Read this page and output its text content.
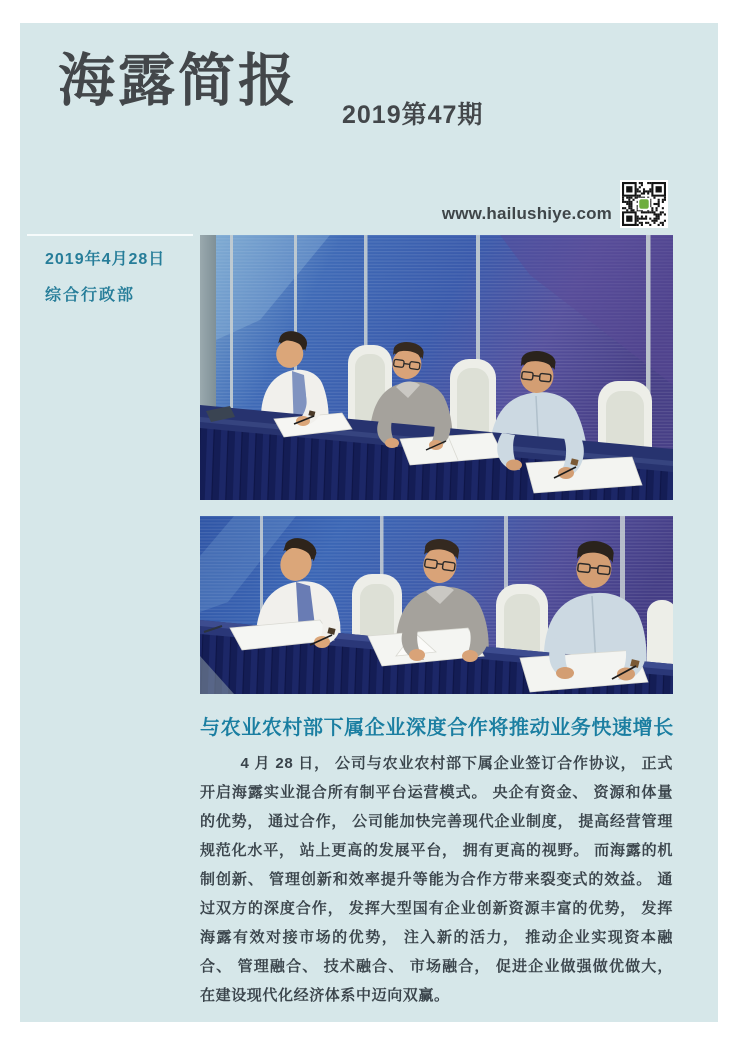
海露简报
2019第47期
www.hailushiye.com
2019年4月28日
综合行政部
与农业农村部下属企业深度合作将推动业务快速增长
4 月 28 日， 公司与农业农村部下属企业签订合作协议， 正式开启海露实业混合所有制平台运营模式。 央企有资金、 资源和体量的优势， 通过合作， 公司能加快完善现代企业制度， 提高经营管理规范化水平， 站上更高的发展平台， 拥有更高的视野。 而海露的机制创新、 管理创新和效率提升等能为合作方带来裂变式的效益。 通过双方的深度合作， 发挥大型国有企业创新资源丰富的优势， 发挥海露有效对接市场的优势， 注入新的活力， 推动企业实现资本融合、 管理融合、 技术融合、 市场融合， 促进企业做强做优做大， 在建设现代化经济体系中迈向双赢。
